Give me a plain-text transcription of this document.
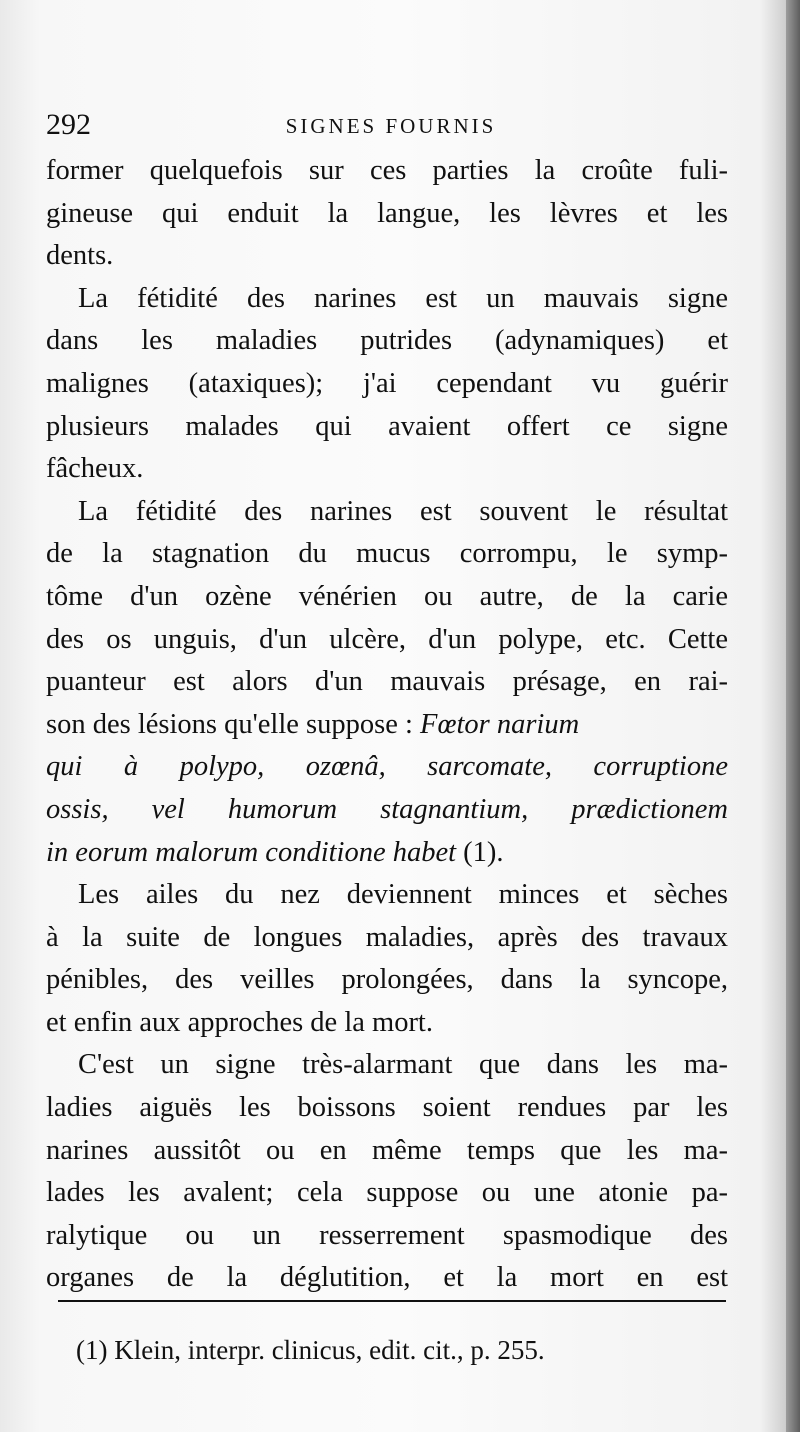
292	SIGNES FOURNIS
former quelquefois sur ces parties la croûte fuli-
gineuse qui enduit la langue, les lèvres et les
dents.
La fétidité des narines est un mauvais signe
dans les maladies putrides (adynamiques) et
malignes (ataxiques); j'ai cependant vu guérir
plusieurs malades qui avaient offert ce signe
fâcheux.
La fétidité des narines est souvent le résultat
de la stagnation du mucus corrompu, le symp-
tôme d'un ozène vénérien ou autre, de la carie
des os unguis, d'un ulcère, d'un polype, etc. Cette
puanteur est alors d'un mauvais présage, en rai-
son des lésions qu'elle suppose : Fœtor narium
qui à polypo, ozœnâ, sarcomate, corruptione
ossis, vel humorum stagnantium, prædictionem
in eorum malorum conditione habet (1).
Les ailes du nez deviennent minces et sèches
à la suite de longues maladies, après des travaux
pénibles, des veilles prolongées, dans la syncope,
et enfin aux approches de la mort.
C'est un signe très-alarmant que dans les ma-
ladies aiguës les boissons soient rendues par les
narines aussitôt ou en même temps que les ma-
lades les avalent; cela suppose ou une atonie pa-
ralytique ou un resserrement spasmodique des
organes de la déglutition, et la mort en est
(1) Klein, interpr. clinicus, edit. cit., p. 255.
